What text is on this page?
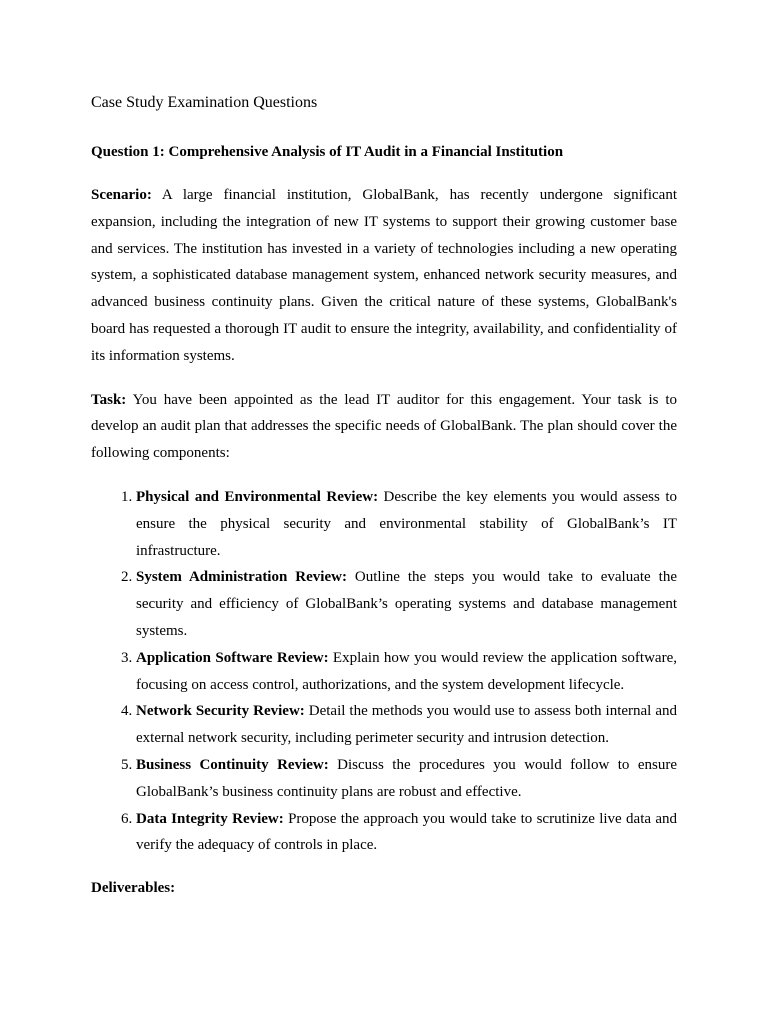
Case Study Examination Questions
Question 1: Comprehensive Analysis of IT Audit in a Financial Institution

Scenario: A large financial institution, GlobalBank, has recently undergone significant expansion, including the integration of new IT systems to support their growing customer base and services. The institution has invested in a variety of technologies including a new operating system, a sophisticated database management system, enhanced network security measures, and advanced business continuity plans. Given the critical nature of these systems, GlobalBank's board has requested a thorough IT audit to ensure the integrity, availability, and confidentiality of its information systems.

Task: You have been appointed as the lead IT auditor for this engagement. Your task is to develop an audit plan that addresses the specific needs of GlobalBank. The plan should cover the following components:

1. Physical and Environmental Review: Describe the key elements you would assess to ensure the physical security and environmental stability of GlobalBank’s IT infrastructure.
2. System Administration Review: Outline the steps you would take to evaluate the security and efficiency of GlobalBank’s operating systems and database management systems.
3. Application Software Review: Explain how you would review the application software, focusing on access control, authorizations, and the system development lifecycle.
4. Network Security Review: Detail the methods you would use to assess both internal and external network security, including perimeter security and intrusion detection.
5. Business Continuity Review: Discuss the procedures you would follow to ensure GlobalBank’s business continuity plans are robust and effective.
6. Data Integrity Review: Propose the approach you would take to scrutinize live data and verify the adequacy of controls in place.

Deliverables:
